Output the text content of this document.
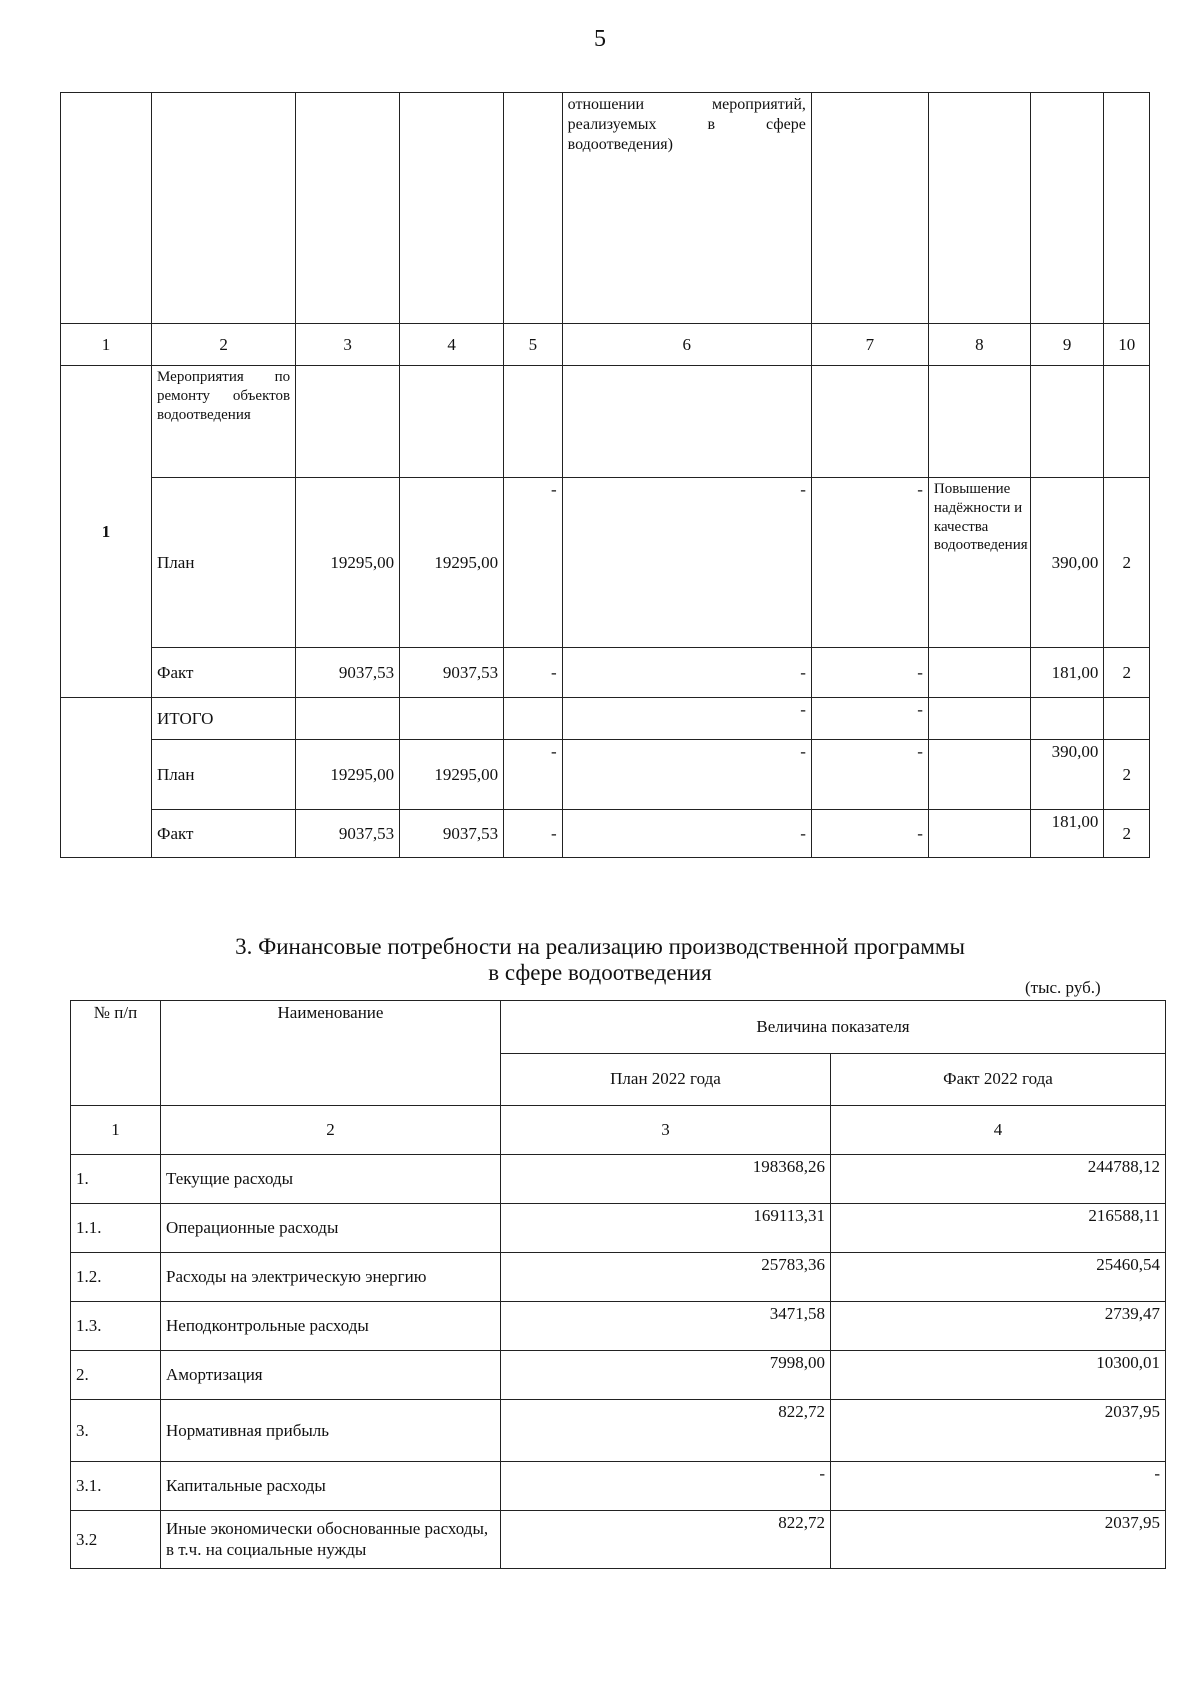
5
					отношении мероприятий, реализуемых в сфере водоотведения)				
1	2	3	4	5	6	7	8	9	10
1	Мероприятия по ремонту объектов водоотведения								
	План	19295,00	19295,00	-	-	-	Повышение надёжности и качества водоотведения	390,00	2
	Факт	9037,53	9037,53	-	-	-		181,00	2
	ИТОГО				-	-			
	План	19295,00	19295,00	-	-	-		390,00	2
	Факт	9037,53	9037,53	-	-	-		181,00	2
3. Финансовые потребности на реализацию производственной программы
в сфере водоотведения
(тыс. руб.)
№ п/п	Наименование	Величина показателя	
		План 2022 года	Факт 2022 года
1	2	3	4
1.	Текущие расходы	198368,26	244788,12
1.1.	Операционные расходы	169113,31	216588,11
1.2.	Расходы на электрическую энергию	25783,36	25460,54
1.3.	Неподконтрольные расходы	3471,58	2739,47
2.	Амортизация	7998,00	10300,01
3.	Нормативная прибыль	822,72	2037,95
3.1.	Капитальные расходы	-	-
3.2	Иные экономически обоснованные расходы, в т.ч. на социальные нужды	822,72	2037,95
